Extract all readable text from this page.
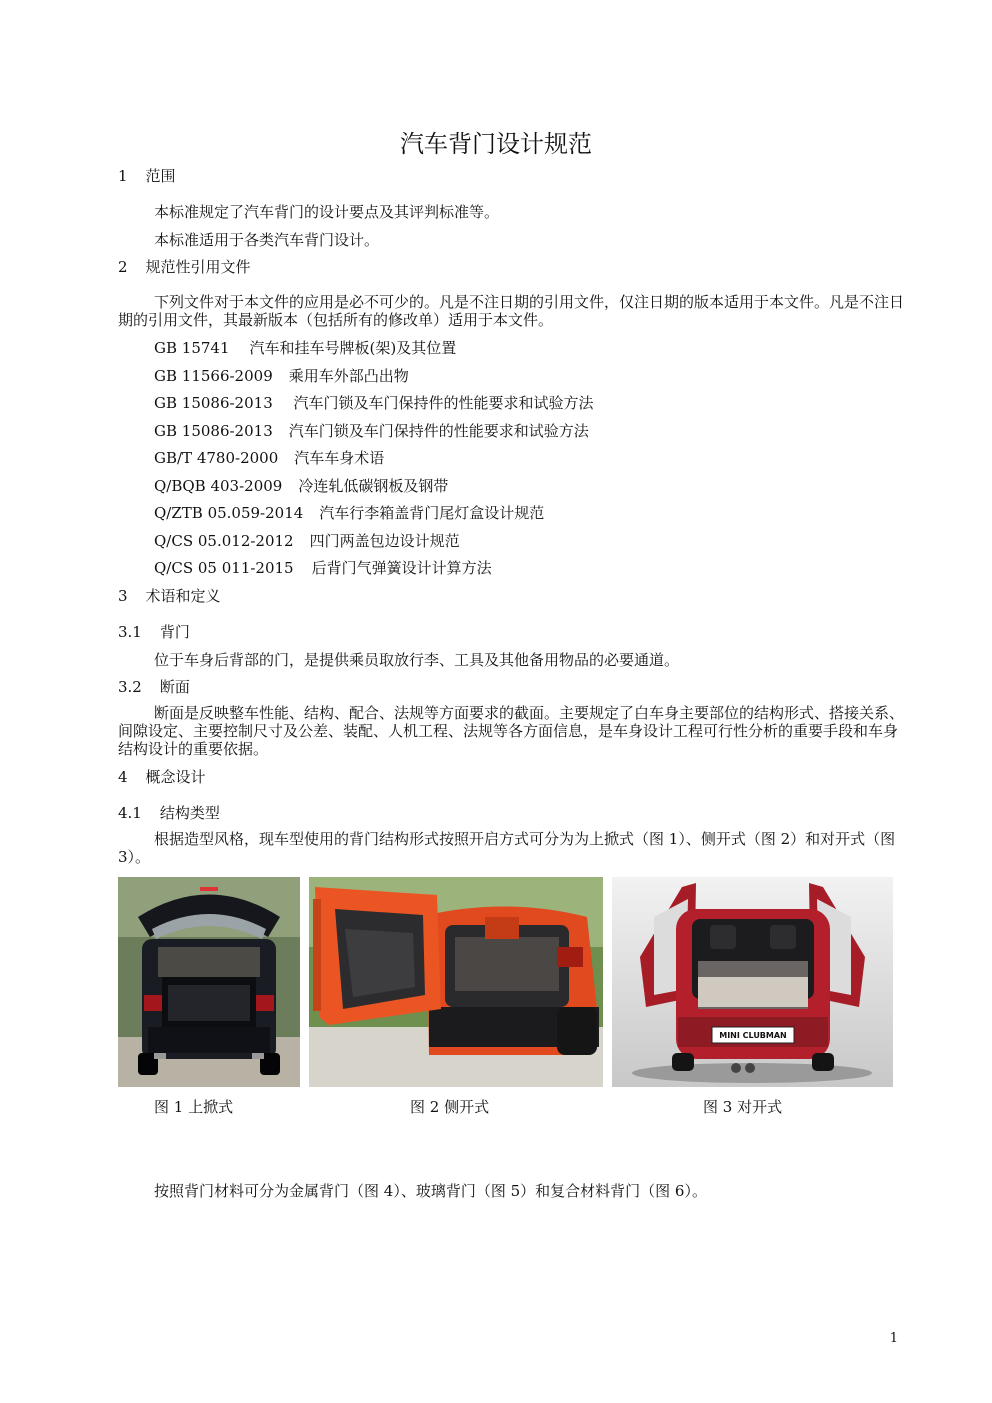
汽车背门设计规范
1 范围
本标准规定了汽车背门的设计要点及其评判标准等。
本标准适用于各类汽车背门设计。
2 规范性引用文件
下列文件对于本文件的应用是必不可少的。凡是不注日期的引用文件，仅注日期的版本适用于本文件。凡是不注日期的引用文件，其最新版本（包括所有的修改单）适用于本文件。
GB 15741 汽车和挂车号牌板(架)及其位置
GB 11566-2009 乘用车外部凸出物
GB 15086-2013 汽车门锁及车门保持件的性能要求和试验方法
GB 15086-2013 汽车门锁及车门保持件的性能要求和试验方法
GB/T 4780-2000 汽车车身术语
Q/BQB 403-2009 冷连轧低碳钢板及钢带
Q/ZTB 05.059-2014 汽车行李箱盖背门尾灯盒设计规范
Q/CS 05.012-2012 四门两盖包边设计规范
Q/CS 05 011-2015 后背门气弹簧设计计算方法
3 术语和定义
3.1 背门
位于车身后背部的门，是提供乘员取放行李、工具及其他备用物品的必要通道。
3.2 断面
断面是反映整车性能、结构、配合、法规等方面要求的截面。主要规定了白车身主要部位的结构形式、搭接关系、间隙设定、主要控制尺寸及公差、装配、人机工程、法规等各方面信息，是车身设计工程可行性分析的重要手段和车身结构设计的重要依据。
4 概念设计
4.1 结构类型
根据造型风格，现车型使用的背门结构形式按照开启方式可分为为上掀式（图 1）、侧开式（图 2）和对开式（图 3）。
MINI CLUBMAN
图 1 上掀式	图 2 侧开式	图 3 对开式
按照背门材料可分为金属背门（图 4）、玻璃背门（图 5）和复合材料背门（图 6）。
1
